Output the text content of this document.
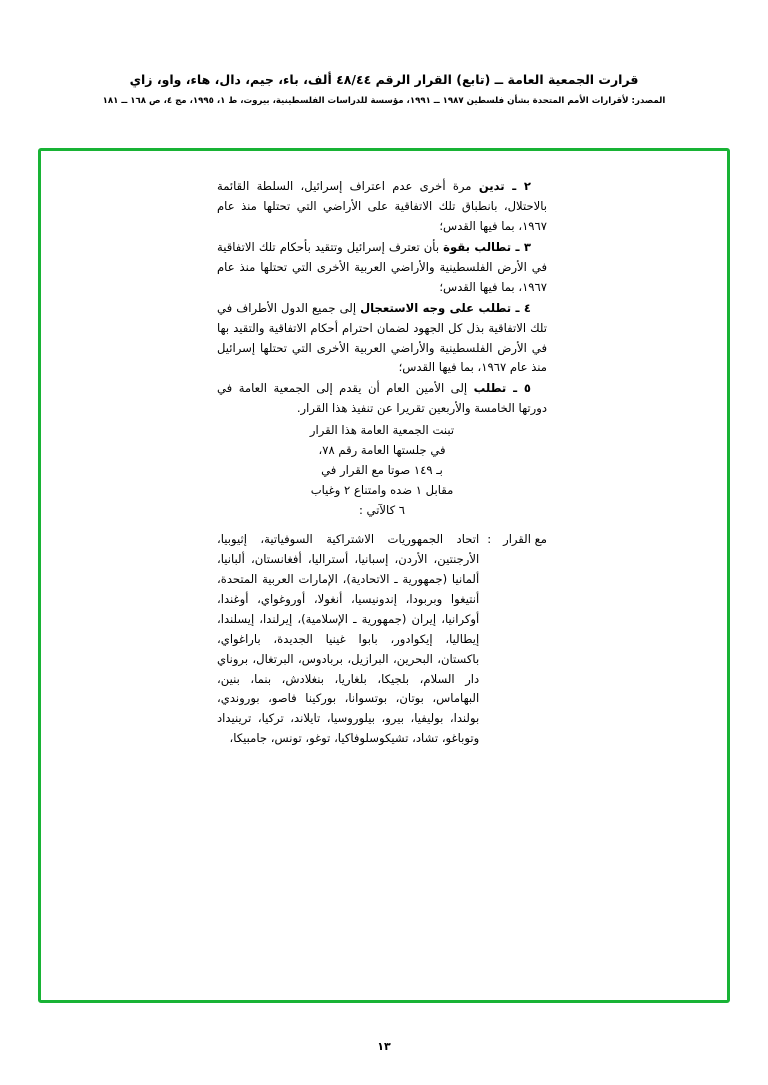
قرارت الجمعية العامة ــ (تابع) القرار الرقم ٤٨/٤٤ ألف، باء، جيم، دال، هاء، واو، زاي
المصدر: لأقرارات الأمم المتحدة بشأن فلسطين ١٩٨٧ ــ ١٩٩١، مؤسسة للدراسات الفلسطينية، بيروت، ط ١، ١٩٩٥، مج ٤، ص ١٦٨ ــ ١٨١

٢ ـ تدين مرة أخرى عدم اعتراف إسرائيل، السلطة القائمة بالاحتلال، بانطباق تلك الاتفاقية على الأراضي التي تحتلها منذ عام ١٩٦٧، بما فيها القدس؛

٣ ـ تطالب بقوة بأن تعترف إسرائيل وتتقيد بأحكام تلك الاتفاقية في الأرض الفلسطينية والأراضي العربية الأخرى التي تحتلها منذ عام ١٩٦٧، بما فيها القدس؛

٤ ـ تطلب على وجه الاستعجال إلى جميع الدول الأطراف في تلك الاتفاقية بذل كل الجهود لضمان احترام أحكام الاتفاقية والتقيد بها في الأرض الفلسطينية والأراضي العربية الأخرى التي تحتلها إسرائيل منذ عام ١٩٦٧، بما فيها القدس؛

٥ ـ تطلب إلى الأمين العام أن يقدم إلى الجمعية العامة في دورتها الخامسة والأربعين تقريرا عن تنفيذ هذا القرار.

تبنت الجمعية العامة هذا القرار

في جلستها العامة رقم ٧٨،

بـ ١٤٩ صوتا مع القرار في

مقابل ١ ضده وامتناع ٢ وغياب

٦ كالآتي :

مع القرار
:
اتحاد الجمهوريات الاشتراكية السوفياتية، إثيوبيا، الأرجنتين، الأردن، إسبانيا، أستراليا، أفغانستان، ألبانيا، ألمانيا (جمهورية ـ الاتحادية)، الإمارات العربية المتحدة، أنتيغوا وبربودا، إندونيسيا، أنغولا، أوروغواي، أوغندا، أوكرانيا، إيران (جمهورية ـ الإسلامية)، إيرلندا، إيسلندا، إيطاليا، إيكوادور، بابوا غينيا الجديدة، باراغواي، باكستان، البحرين، البرازيل، بربادوس، البرتغال، بروناي دار السلام، بلجيكا، بلغاريا، بنغلادش، بنما، بنين، البهاماس، بوتان، بوتسوانا، بوركينا فاصو، بوروندي، بولندا، بوليفيا، بيرو، بيلوروسيا، تايلاند، تركيا، ترينيداد وتوباغو، تشاد، تشيكوسلوفاكيا، توغو، تونس، جامبيكا،
١٣
